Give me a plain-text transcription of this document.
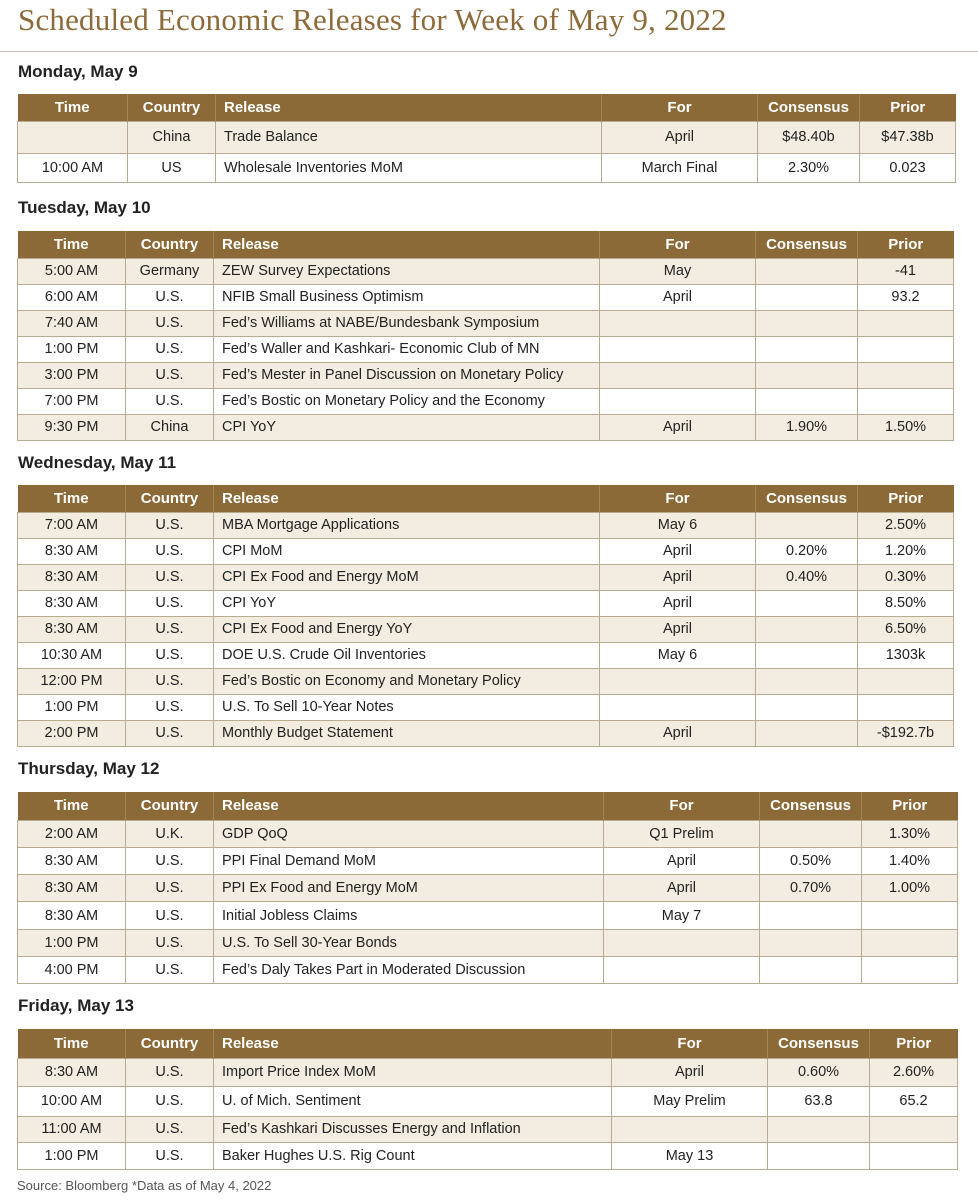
Scheduled Economic Releases for Week of May 9, 2022
Monday, May 9
Time	Country	Release	For	Consensus	Prior
	China	Trade Balance	April	$48.40b	$47.38b
10:00 AM	US	Wholesale Inventories MoM	March Final	2.30%	0.023
Tuesday, May 10
Time	Country	Release	For	Consensus	Prior
5:00 AM	Germany	ZEW Survey Expectations	May		-41
6:00 AM	U.S.	NFIB Small Business Optimism	April		93.2
7:40 AM	U.S.	Fed’s Williams at NABE/Bundesbank Symposium			
1:00 PM	U.S.	Fed’s Waller and Kashkari- Economic Club of MN			
3:00 PM	U.S.	Fed’s Mester in Panel Discussion on Monetary Policy			
7:00 PM	U.S.	Fed’s Bostic on Monetary Policy and the Economy			
9:30 PM	China	CPI YoY	April	1.90%	1.50%
Wednesday, May 11
Time	Country	Release	For	Consensus	Prior
7:00 AM	U.S.	MBA Mortgage Applications	May 6		2.50%
8:30 AM	U.S.	CPI MoM	April	0.20%	1.20%
8:30 AM	U.S.	CPI Ex Food and Energy MoM	April	0.40%	0.30%
8:30 AM	U.S.	CPI YoY	April		8.50%
8:30 AM	U.S.	CPI Ex Food and Energy YoY	April		6.50%
10:30 AM	U.S.	DOE U.S. Crude Oil Inventories	May 6		1303k
12:00 PM	U.S.	Fed’s Bostic on Economy and Monetary Policy			
1:00 PM	U.S.	U.S. To Sell 10-Year Notes			
2:00 PM	U.S.	Monthly Budget Statement	April		-$192.7b
Thursday, May 12
Time	Country	Release	For	Consensus	Prior
2:00 AM	U.K.	GDP QoQ	Q1 Prelim		1.30%
8:30 AM	U.S.	PPI Final Demand MoM	April	0.50%	1.40%
8:30 AM	U.S.	PPI Ex Food and Energy MoM	April	0.70%	1.00%
8:30 AM	U.S.	Initial Jobless Claims	May 7		
1:00 PM	U.S.	U.S. To Sell 30-Year Bonds			
4:00 PM	U.S.	Fed’s Daly Takes Part in Moderated Discussion			
Friday, May 13
Time	Country	Release	For	Consensus	Prior
8:30 AM	U.S.	Import Price Index MoM	April	0.60%	2.60%
10:00 AM	U.S.	U. of Mich. Sentiment	May Prelim	63.8	65.2
11:00 AM	U.S.	Fed’s Kashkari Discusses Energy and Inflation			
1:00 PM	U.S.	Baker Hughes U.S. Rig Count	May 13		
Source: Bloomberg *Data as of May 4, 2022
